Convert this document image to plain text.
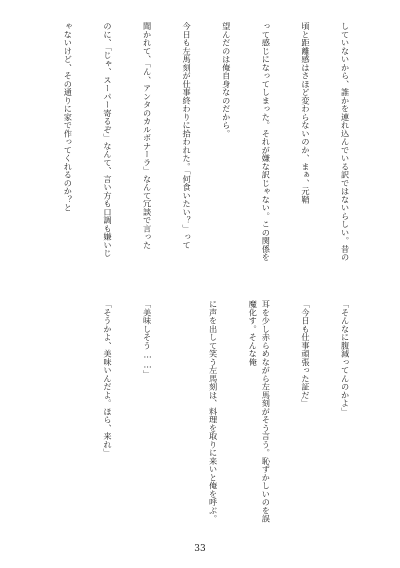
していないから、誰かを連れ込んでいる訳ではないらしい。昔の

頃と距離感はさほど変わらないのか、まぁ、元鞘

って感じになってしまった。それが嫌な訳じゃない。この関係を

望んだのは俺自身なのだから。

今日も左馬刻が仕事終わりに拾われた。「何食いたい？」って

聞かれて、「ん、アンタのカルボナーラ」なんて冗談で言った

のに、「じゃ、スーパー寄るぞ」なんて、言い方も口調も嫌いじ

ゃないけど、その通りに家で作ってくれるのか？と

「そんなに腹減ってんのかよ」

「今日も仕事頑張った証だ」

耳を少し赤らめながら左馬刻がそう言う。恥ずかしいのを誤魔化す。そんな俺

に声を出して笑う左馬刻は、料理を取りに来いと俺を呼ぶ。

「美味しそう……」

「そうかよ、美味いんだよ。ほら、来れ」

33
